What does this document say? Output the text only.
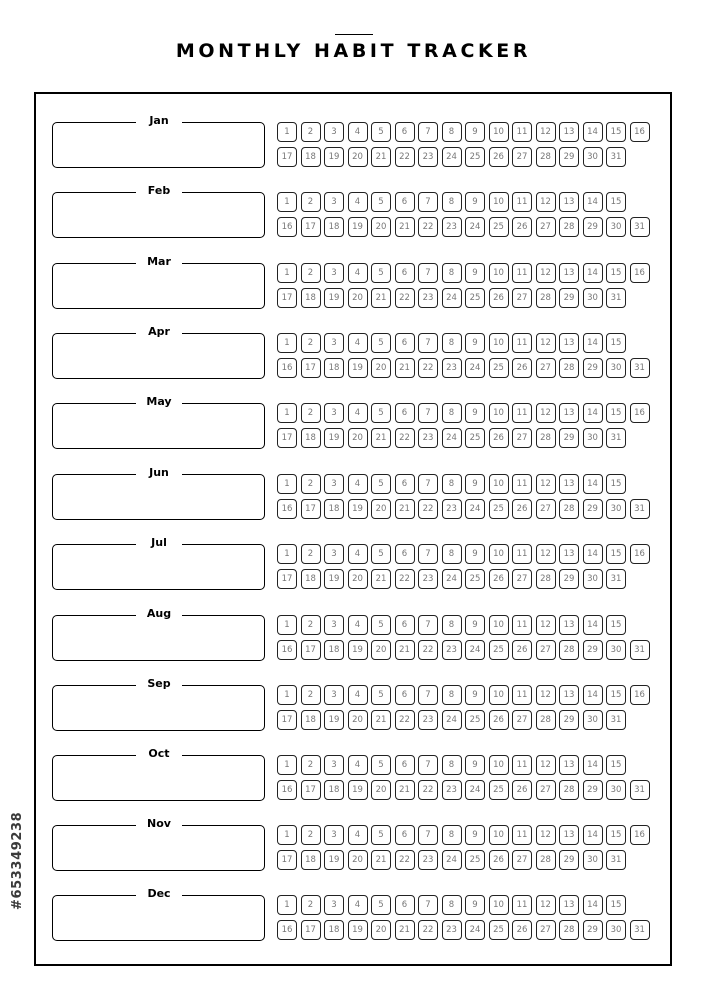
MONTHLY HABIT TRACKER
#653349238
Jan
1	2	3	4	5	6	7	8	9	10	11	12	13	14	15	16
17	18	19	20	21	22	23	24	25	26	27	28	29	30	31
Feb
1	2	3	4	5	6	7	8	9	10	11	12	13	14	15
16	17	18	19	20	21	22	23	24	25	26	27	28	29	30	31
Mar
1	2	3	4	5	6	7	8	9	10	11	12	13	14	15	16
17	18	19	20	21	22	23	24	25	26	27	28	29	30	31
Apr
1	2	3	4	5	6	7	8	9	10	11	12	13	14	15
16	17	18	19	20	21	22	23	24	25	26	27	28	29	30	31
May
1	2	3	4	5	6	7	8	9	10	11	12	13	14	15	16
17	18	19	20	21	22	23	24	25	26	27	28	29	30	31
Jun
1	2	3	4	5	6	7	8	9	10	11	12	13	14	15
16	17	18	19	20	21	22	23	24	25	26	27	28	29	30	31
Jul
1	2	3	4	5	6	7	8	9	10	11	12	13	14	15	16
17	18	19	20	21	22	23	24	25	26	27	28	29	30	31
Aug
1	2	3	4	5	6	7	8	9	10	11	12	13	14	15
16	17	18	19	20	21	22	23	24	25	26	27	28	29	30	31
Sep
1	2	3	4	5	6	7	8	9	10	11	12	13	14	15	16
17	18	19	20	21	22	23	24	25	26	27	28	29	30	31
Oct
1	2	3	4	5	6	7	8	9	10	11	12	13	14	15
16	17	18	19	20	21	22	23	24	25	26	27	28	29	30	31
Nov
1	2	3	4	5	6	7	8	9	10	11	12	13	14	15	16
17	18	19	20	21	22	23	24	25	26	27	28	29	30	31
Dec
1	2	3	4	5	6	7	8	9	10	11	12	13	14	15
16	17	18	19	20	21	22	23	24	25	26	27	28	29	30	31
